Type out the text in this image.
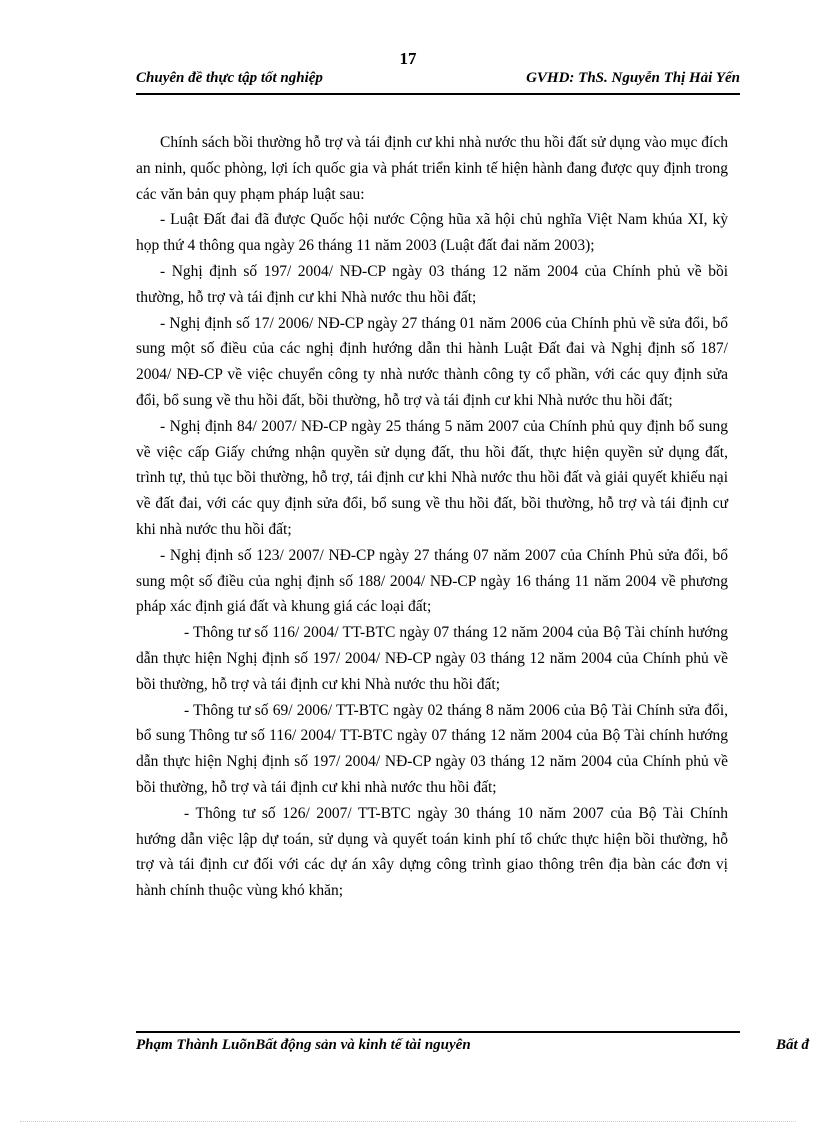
17
Chuyên đề thực tập tốt nghiệp	GVHD: ThS. Nguyễn Thị Hải Yến

Chính sách bồi thường hỗ trợ và tái định cư khi nhà nước thu hồi đất sử dụng vào mục đích an ninh, quốc phòng, lợi ích quốc gia và phát triển kinh tế hiện hành đang được quy định trong các văn bản quy phạm pháp luật sau:

- Luật Đất đai đã được Quốc hội nước Cộng hũa xã hội chủ nghĩa Việt Nam khúa XI, kỳ họp thứ 4 thông qua ngày 26 tháng 11 năm 2003 (Luật đất đai năm 2003);

- Nghị định số 197/ 2004/ NĐ-CP ngày 03 tháng 12 năm 2004 của Chính phủ về bồi thường, hỗ trợ và tái định cư khi Nhà nước thu hồi đất;

- Nghị định số 17/ 2006/ NĐ-CP ngày 27 tháng 01 năm 2006 của Chính phủ về sửa đổi, bổ sung một số điều của các nghị định hướng dẫn thi hành Luật Đất đai và Nghị định số 187/ 2004/ NĐ-CP về việc chuyển công ty nhà nước thành công ty cổ phần, với các quy định sửa đổi, bổ sung về thu hồi đất, bồi thường, hỗ trợ và tái định cư khi Nhà nước thu hồi đất;

- Nghị định 84/ 2007/ NĐ-CP ngày 25 tháng 5 năm 2007 của Chính phủ quy định bổ sung về việc cấp Giấy chứng nhận quyền sử dụng đất, thu hồi đất, thực hiện quyền sử dụng đất, trình tự, thủ tục bồi thường, hỗ trợ, tái định cư khi Nhà nước thu hồi đất và giải quyết khiếu nại về đất đai, với các quy định sửa đổi, bổ sung về thu hồi đất, bồi thường, hỗ trợ và tái định cư khi nhà nước thu hồi đất;

- Nghị định số 123/ 2007/ NĐ-CP ngày 27 tháng 07 năm 2007 của Chính Phủ sửa đổi, bổ sung một số điều của nghị định số 188/ 2004/ NĐ-CP ngày 16 tháng 11 năm 2004 về phương pháp xác định giá đất và khung giá các loại đất;

- Thông tư số 116/ 2004/ TT-BTC ngày 07 tháng 12 năm 2004 của Bộ Tài chính hướng dẫn thực hiện Nghị định số 197/ 2004/ NĐ-CP ngày 03 tháng 12 năm 2004 của Chính phủ về bồi thường, hỗ trợ và tái định cư khi Nhà nước thu hồi đất;

- Thông tư số 69/ 2006/ TT-BTC ngày 02 tháng 8 năm 2006 của Bộ Tài Chính sửa đổi, bổ sung Thông tư số 116/ 2004/ TT-BTC ngày 07 tháng 12 năm 2004 của Bộ Tài chính hướng dẫn thực hiện Nghị định số 197/ 2004/ NĐ-CP ngày 03 tháng 12 năm 2004 của Chính phủ về bồi thường, hỗ trợ và tái định cư khi nhà nước thu hồi đất;

- Thông tư số 126/ 2007/ TT-BTC ngày 30 tháng 10 năm 2007 của Bộ Tài Chính hướng dẫn việc lập dự toán, sử dụng và quyết toán kinh phí tổ chức thực hiện bồi thường, hỗ trợ và tái định cư đối với các dự án xây dựng công trình giao thông trên địa bàn các đơn vị hành chính thuộc vùng khó khăn;

Phạm Thành LuõnBất động sản và kinh tế tài nguyên	Bất đ
